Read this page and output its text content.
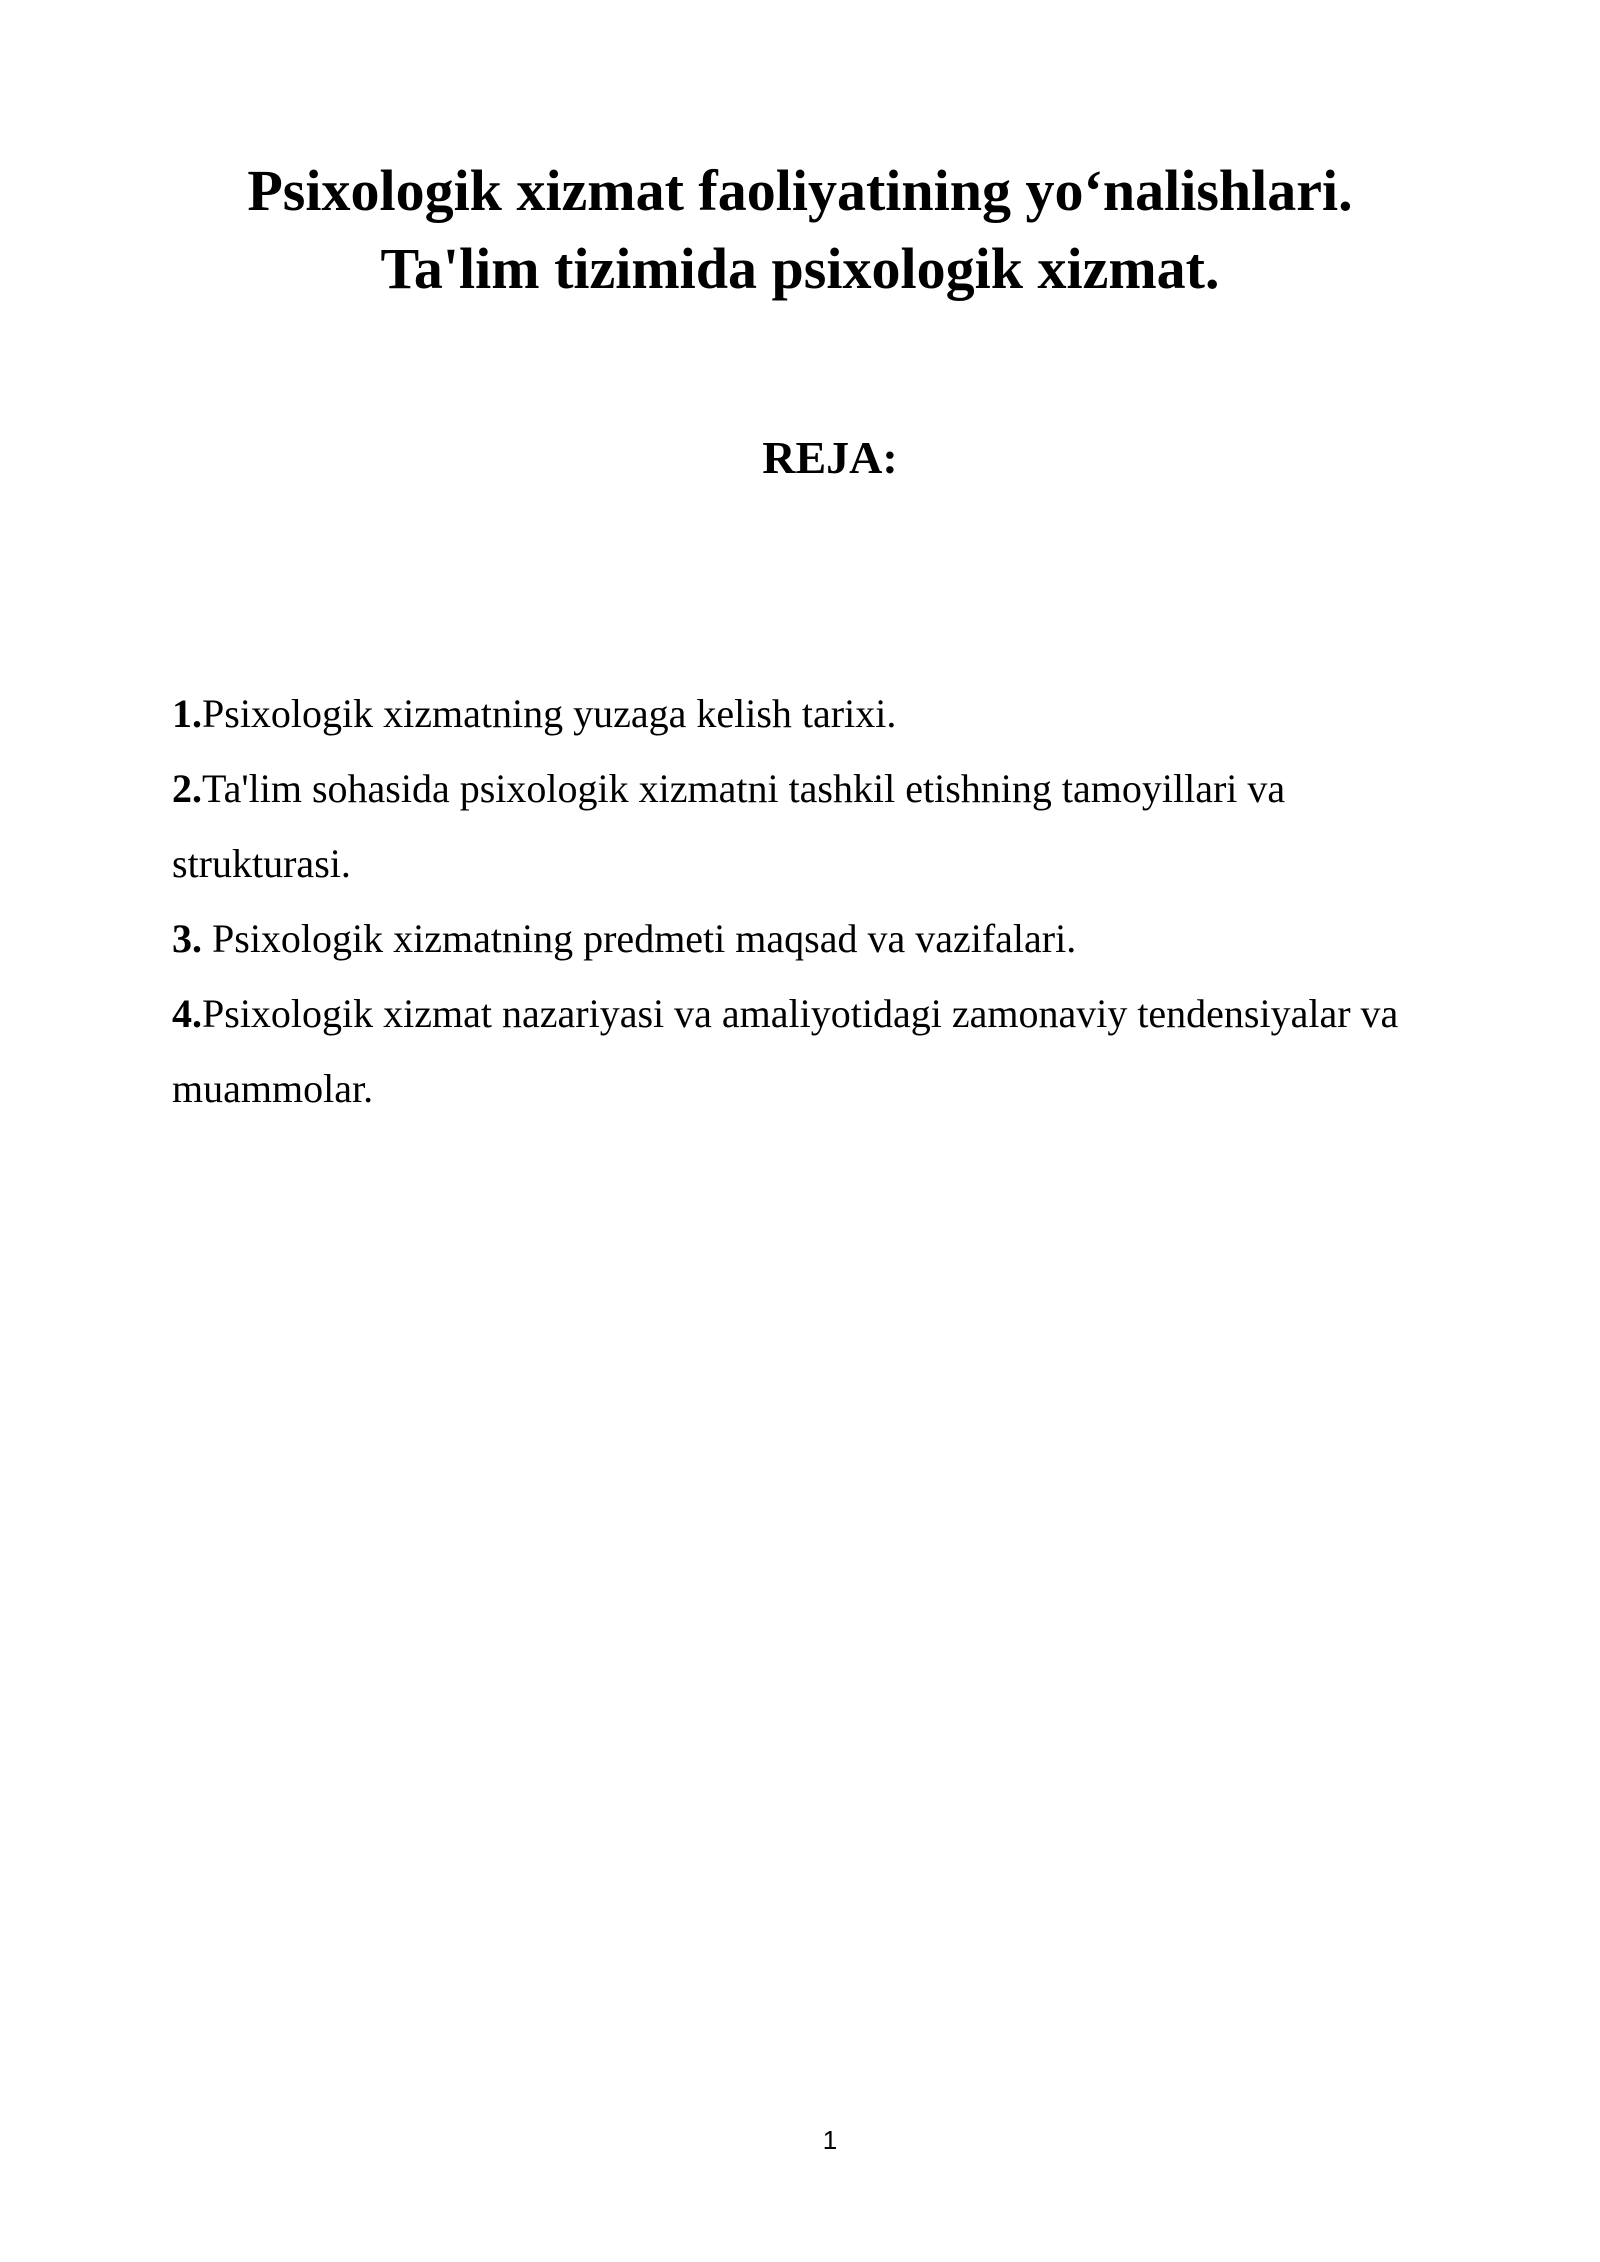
Psixologik xizmat faoliyatining yo‘nalishlari.
Ta'lim tizimida psixologik xizmat.
REJA:
1.Psixologik xizmatning yuzaga kelish tarixi.
2.Ta'lim sohasida psixologik xizmatni tashkil etishning tamoyillari va strukturasi.
3. Psixologik xizmatning predmeti maqsad va vazifalari.
4.Psixologik xizmat nazariyasi va amaliyotidagi zamonaviy tendensiyalar va muammolar.
1
